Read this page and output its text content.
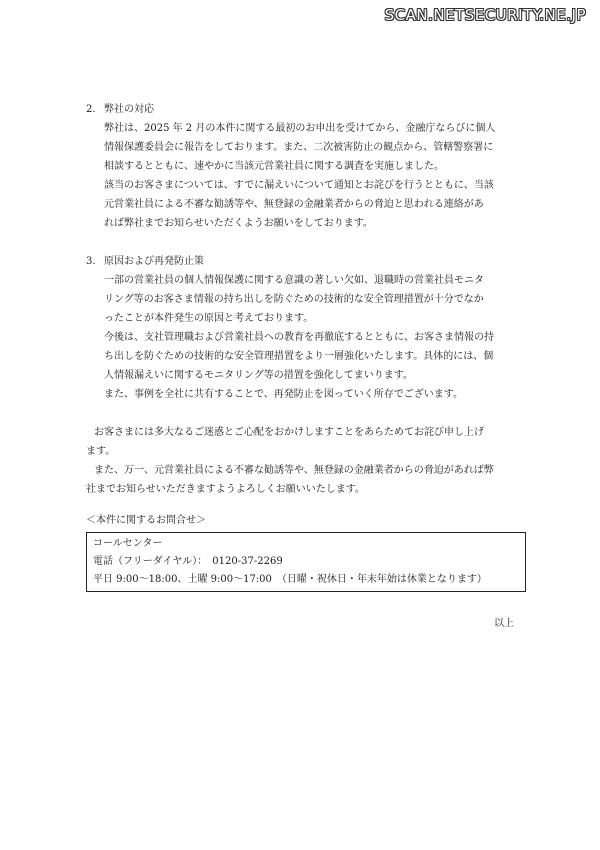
SCAN.NETSECURITY.NE.JP
2. 弊社の対応

弊社は、2025 年 2 月の本件に関する最初のお申出を受けてから、金融庁ならびに個人

情報保護委員会に報告をしております。また、二次被害防止の観点から、管轄警察署に

相談するとともに、速やかに当該元営業社員に関する調査を実施しました。

該当のお客さまについては、すでに漏えいについて通知とお詫びを行うとともに、当該

元営業社員による不審な勧誘等や、無登録の金融業者からの脅迫と思われる連絡があ

れば弊社までお知らせいただくようお願いをしております。

3. 原因および再発防止策

一部の営業社員の個人情報保護に関する意識の著しい欠如、退職時の営業社員モニタ

リング等のお客さま情報の持ち出しを防ぐための技術的な安全管理措置が十分でなか

ったことが本件発生の原因と考えております。

今後は、支社管理職および営業社員への教育を再徹底するとともに、お客さま情報の持

ち出しを防ぐための技術的な安全管理措置をより一層強化いたします。具体的には、個

人情報漏えいに関するモニタリング等の措置を強化してまいります。

また、事例を全社に共有することで、再発防止を図っていく所存でございます。

お客さまには多大なるご迷惑とご心配をおかけしますことをあらためてお詫び申し上げ

ます。

また、万一、元営業社員による不審な勧誘等や、無登録の金融業者からの脅迫があれば弊

社までお知らせいただきますようよろしくお願いいたします。

＜本件に関するお問合せ＞
コールセンター
電話（フリーダイヤル）：　0120-37-2269
平日 9:00～18:00、土曜 9:00～17:00　（日曜・祝休日・年末年始は休業となります）
以上
